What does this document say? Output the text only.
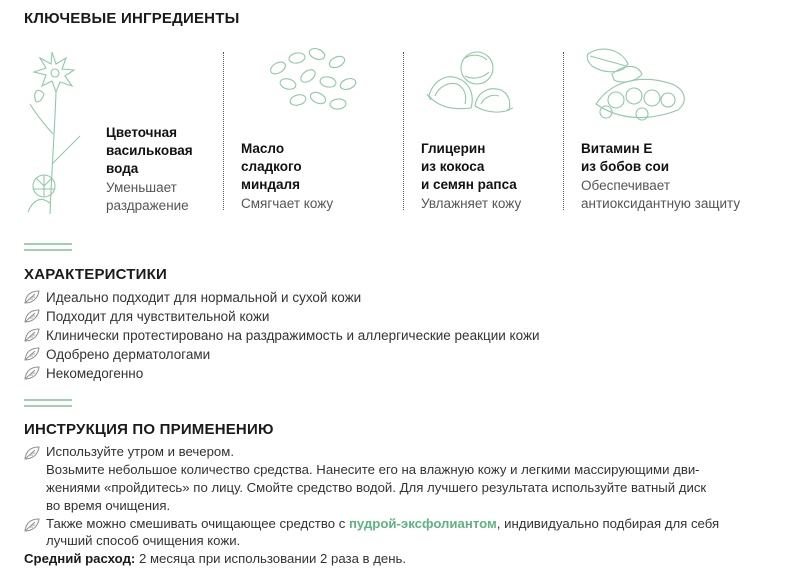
КЛЮЧЕВЫЕ ИНГРЕДИЕНТЫ
Цветочная
васильковая
вода
Уменьшает
раздражение
Масло
сладкого
миндаля
Смягчает кожу
Глицерин
из кокоса
и семян рапса
Увлажняет кожу
Витамин Е
из бобов сои
Обеспечивает
антиоксидантную защиту
ХАРАКТЕРИСТИКИ
Идеально подходит для нормальной и сухой кожи
Подходит для чувствительной кожи
Клинически протестировано на раздражимость и аллергические реакции кожи
Одобрено дерматологами
Некомедогенно
ИНСТРУКЦИЯ ПО ПРИМЕНЕНИЮ
Используйте утром и вечером.
Возьмите небольшое количество средства. Нанесите его на влажную кожу и легкими массирующими дви-
жениями «пройдитесь» по лицу. Смойте средство водой. Для лучшего результата используйте ватный диск
во время очищения.
Также можно смешивать очищающее средство с пудрой-эксфолиантом, индивидуально подбирая для себя
лучший способ очищения кожи.
Средний расход: 2 месяца при использовании 2 раза в день.
